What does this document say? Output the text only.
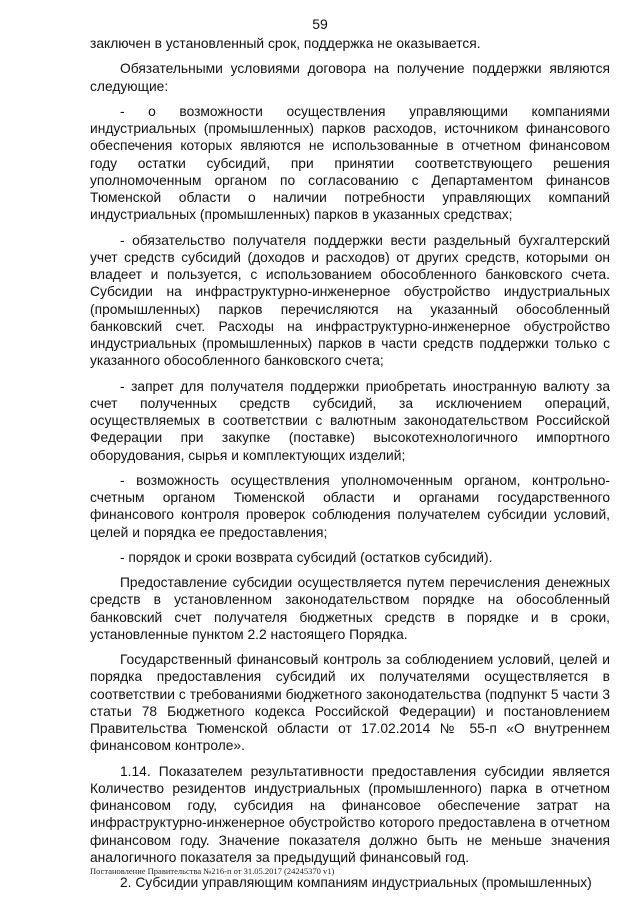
59

заключен в установленный срок, поддержка не оказывается.

Обязательными условиями договора на получение поддержки являются следующие:

- о возможности осуществления управляющими компаниями индустриальных (промышленных) парков расходов, источником финансового обеспечения которых являются не использованные в отчетном финансовом году остатки субсидий, при принятии соответствующего решения уполномоченным органом по согласованию с Департаментом финансов Тюменской области о наличии потребности управляющих компаний индустриальных (промышленных) парков в указанных средствах;

- обязательство получателя поддержки вести раздельный бухгалтерский учет средств субсидий (доходов и расходов) от других средств, которыми он владеет и пользуется, с использованием обособленного банковского счета. Субсидии на инфраструктурно-инженерное обустройство индустриальных (промышленных) парков перечисляются на указанный обособленный банковский счет. Расходы на инфраструктурно-инженерное обустройство индустриальных (промышленных) парков в части средств поддержки только с указанного обособленного банковского счета;

- запрет для получателя поддержки приобретать иностранную валюту за счет полученных средств субсидий, за исключением операций, осуществляемых в соответствии с валютным законодательством Российской Федерации при закупке (поставке) высокотехнологичного импортного оборудования, сырья и комплектующих изделий;

- возможность осуществления уполномоченным органом, контрольно-счетным органом Тюменской области и органами государственного финансового контроля проверок соблюдения получателем субсидии условий, целей и порядка ее предоставления;

- порядок и сроки возврата субсидий (остатков субсидий).

Предоставление субсидии осуществляется путем перечисления денежных средств в установленном законодательством порядке на обособленный банковский счет получателя бюджетных средств в порядке и в сроки, установленные пунктом 2.2 настоящего Порядка.

Государственный финансовый контроль за соблюдением условий, целей и порядка предоставления субсидий их получателями осуществляется в соответствии с требованиями бюджетного законодательства (подпункт 5 части 3 статьи 78 Бюджетного кодекса Российской Федерации) и постановлением Правительства Тюменской области от 17.02.2014 № 55-п «О внутреннем финансовом контроле».

1.14. Показателем результативности предоставления субсидии является Количество резидентов индустриальных (промышленного) парка в отчетном финансовом году, субсидия на финансовое обеспечение затрат на инфраструктурно-инженерное обустройство которого предоставлена в отчетном финансовом году. Значение показателя должно быть не меньше значения аналогичного показателя за предыдущий финансовый год.

2. Субсидии управляющим компаниям индустриальных (промышленных)

Постановление Правительства №216-п от 31.05.2017 (24245370 v1)
